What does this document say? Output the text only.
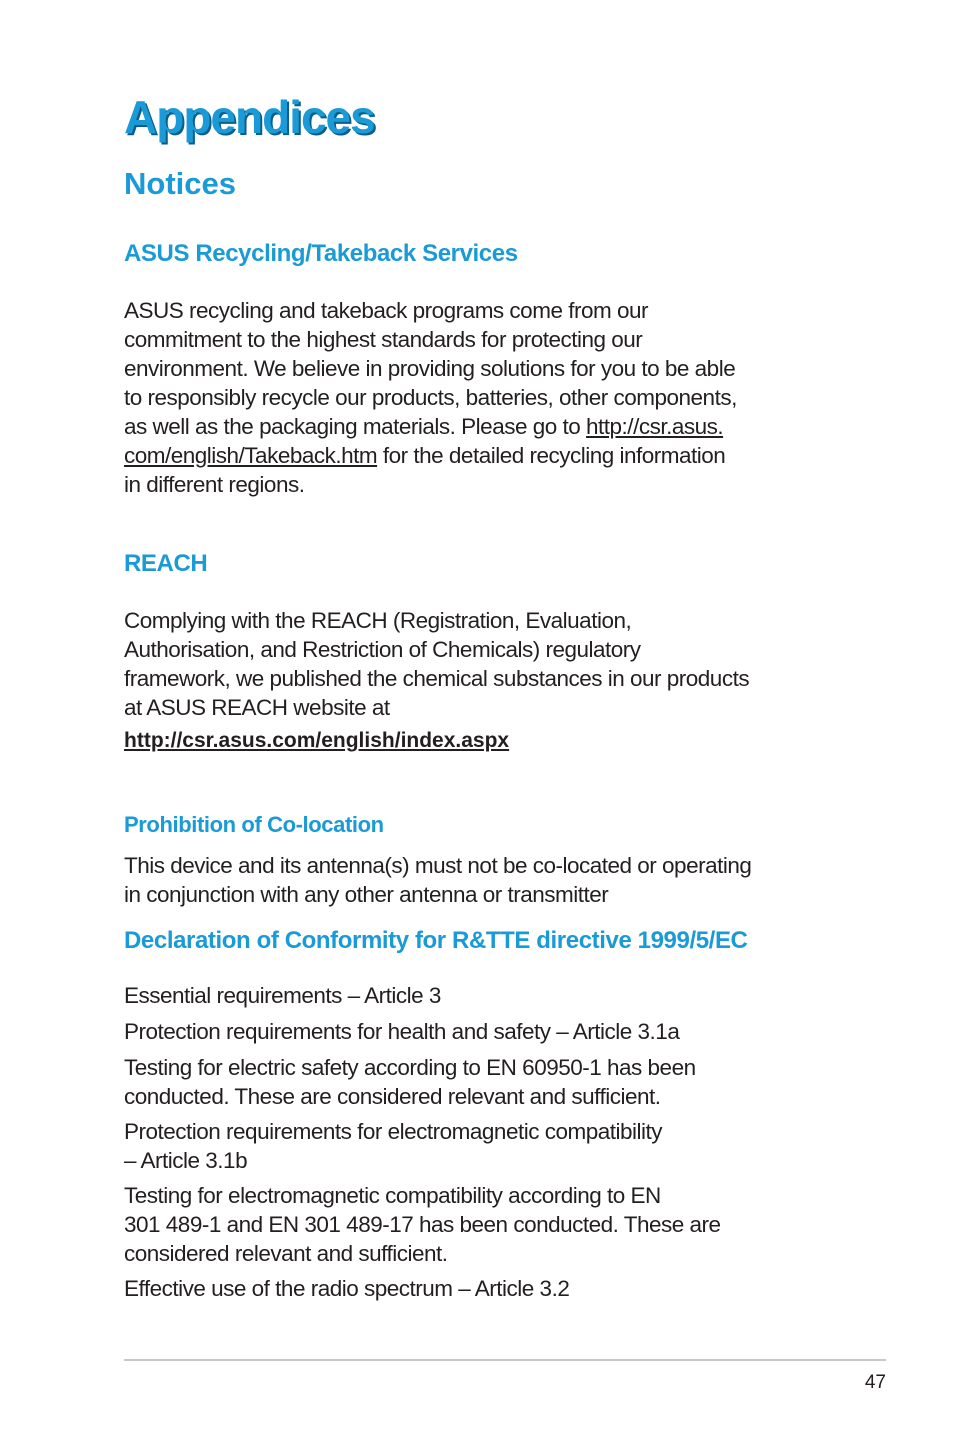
Appendices
Notices
ASUS Recycling/Takeback Services

ASUS recycling and takeback programs come from our
commitment to the highest standards for protecting our
environment. We believe in providing solutions for you to be able
to responsibly recycle our products, batteries, other components,
as well as the packaging materials. Please go to http://csr.asus.
com/english/Takeback.htm for the detailed recycling information
in different regions.

REACH

Complying with the REACH (Registration, Evaluation,
Authorisation, and Restriction of Chemicals) regulatory
framework, we published the chemical substances in our products
at ASUS REACH website at

http://csr.asus.com/english/index.aspx

Prohibition of Co-location

This device and its antenna(s) must not be co-located or operating
in conjunction with any other antenna or transmitter

Declaration of Conformity for R&TTE directive 1999/5/EC

Essential requirements – Article 3

Protection requirements for health and safety – Article 3.1a

Testing for electric safety according to EN 60950-1 has been
conducted. These are considered relevant and sufficient.

Protection requirements for electromagnetic compatibility
– Article 3.1b

Testing for electromagnetic compatibility according to EN
301 489-1 and EN 301 489-17 has been conducted. These are
considered relevant and sufficient.

Effective use of the radio spectrum – Article 3.2

47
